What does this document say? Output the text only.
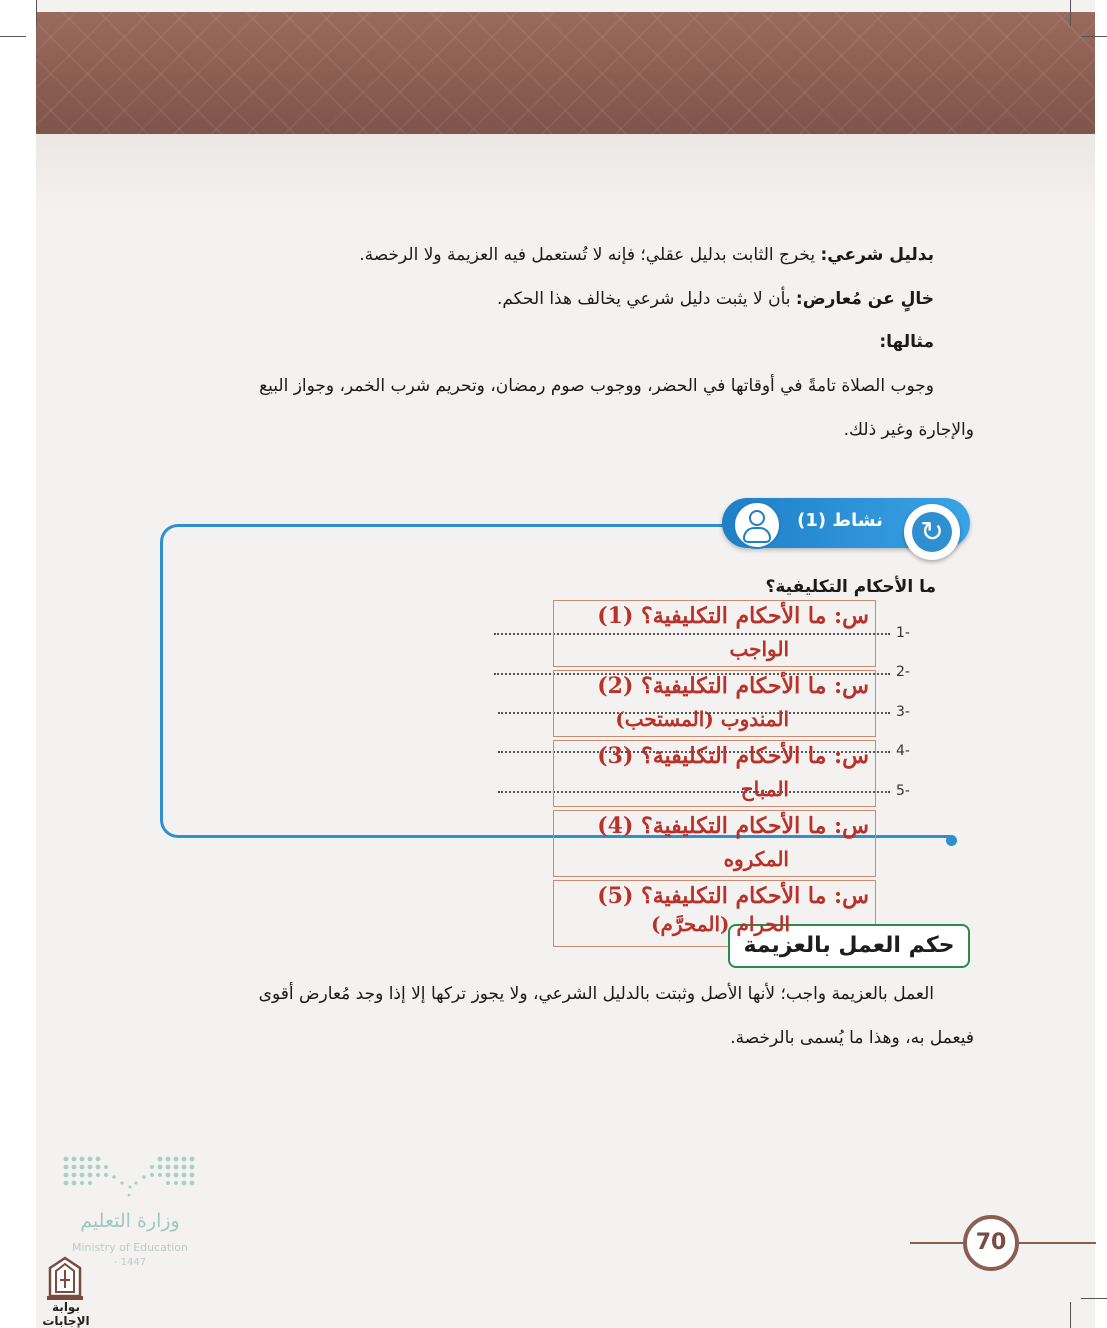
بدليل شرعي: يخرج الثابت بدليل عقلي؛ فإنه لا تُستعمل فيه العزيمة ولا الرخصة.
خالٍ عن مُعارض: بأن لا يثبت دليل شرعي يخالف هذا الحكم.
مثالها:
وجوب الصلاة تامةً في أوقاتها في الحضر، ووجوب صوم رمضان، وتحريم شرب الخمر، وجواز البيع
والإجارة وغير ذلك.
نشاط (1) ↻
ما الأحكام التكليفية؟
1-
2-
3-
4-
5-
س: ما الأحكام التكليفية؟ (1)
الواجب
س: ما الأحكام التكليفية؟ (2)
المندوب (المستحب)
س: ما الأحكام التكليفية؟ (3)
المباح
س: ما الأحكام التكليفية؟ (4)
المكروه
س: ما الأحكام التكليفية؟ (5)
حكم العمل بالعزيمة
الحرام (المحرَّم)
العمل بالعزيمة واجب؛ لأنها الأصل وثبتت بالدليل الشرعي، ولا يجوز تركها إلا إذا وجد مُعارض أقوى
فيعمل به، وهذا ما يُسمى بالرخصة.
وزارة التعليم
Ministry of Education
- 1447
بوابة الإجابات
70
